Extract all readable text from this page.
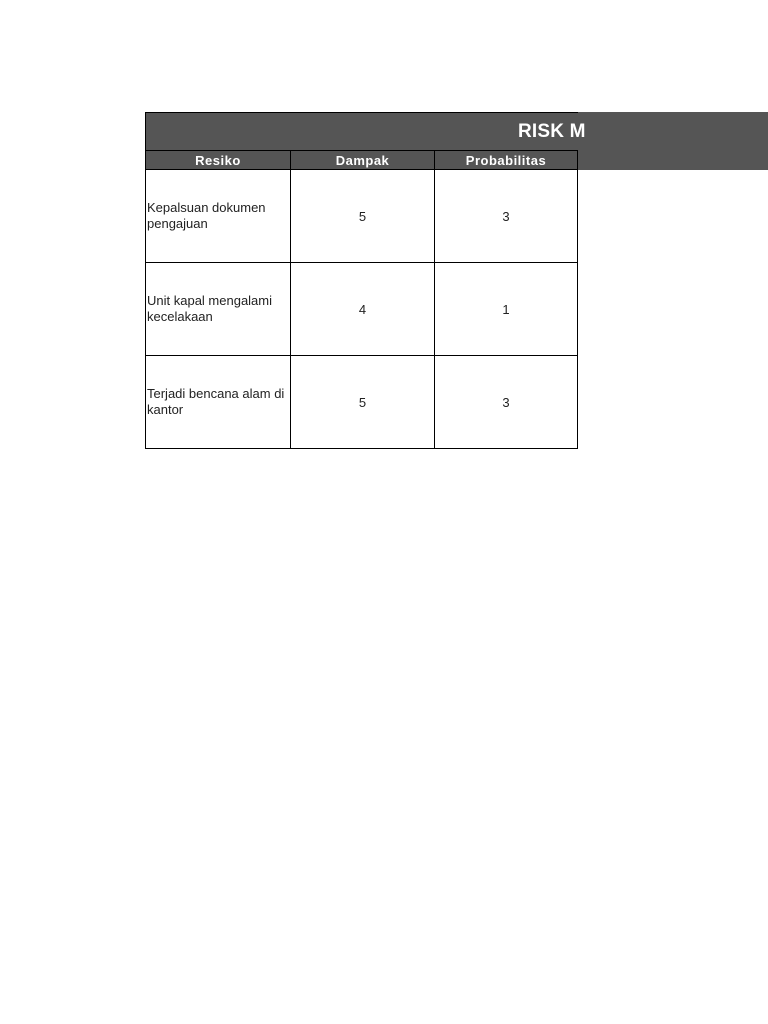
RISK M
Resiko	Dampak	Probabilitas
Kepalsuan dokumen pengajuan	5	3
Unit kapal mengalami kecelakaan	4	1
Terjadi bencana alam di kantor	5	3
